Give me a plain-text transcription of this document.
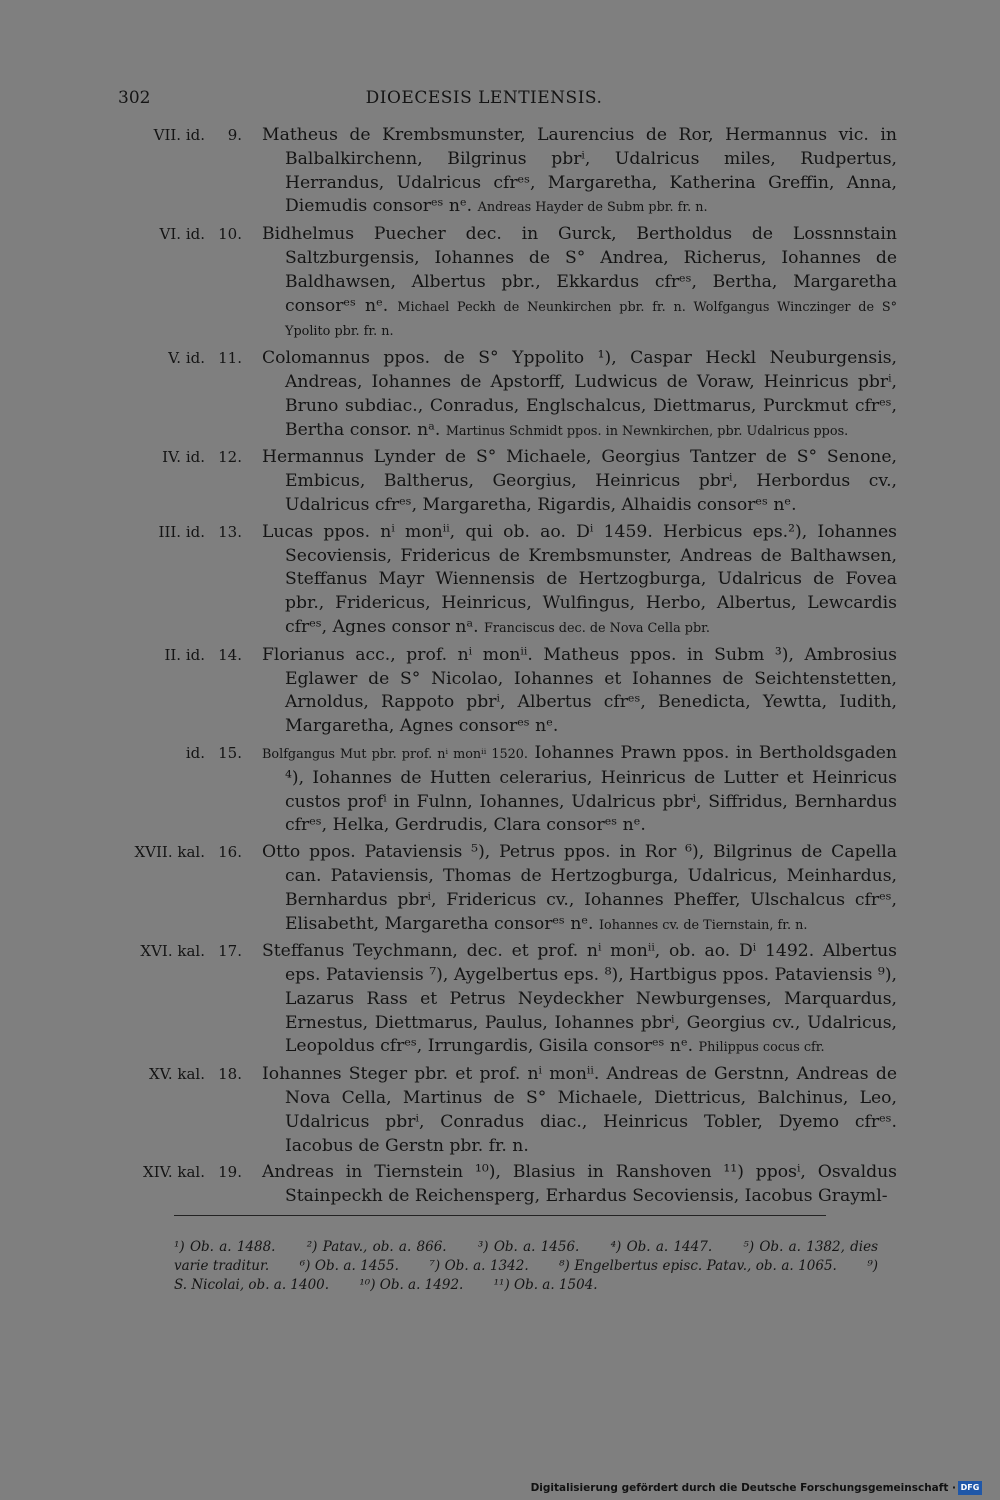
302	DIOECESIS LENTIENSIS.
VII. id.	9. Matheus de Krembsmunster, Laurencius de Ror, Hermannus vic. in Balbalkirchenn, Bilgrinus pbrⁱ, Udalricus miles, Rudpertus, Herrandus, Udalricus cfrᵉˢ, Margaretha, Katherina Greffin, Anna, Diemudis consorᵉˢ nᵉ. Andreas Hayder de Subm pbr. fr. n.
VI. id. 10. Bidhelmus Puecher dec. in Gurck, Bertholdus de Lossnnstain Saltzburgensis, Iohannes de S° Andrea, Richerus, Iohannes de Baldhawsen, Albertus pbr., Ekkardus cfrᵉˢ, Bertha, Margaretha consorᵉˢ nᵉ. Michael Peckh de Neunkirchen pbr. fr. n. Wolfgangus Winczinger de S° Ypolito pbr. fr. n.
V. id. 11. Colomannus ppos. de S° Yppolito ¹), Caspar Heckl Neuburgensis, Andreas, Iohannes de Apstorff, Ludwicus de Voraw, Heinricus pbrⁱ, Bruno subdiac., Conradus, Englschalcus, Diettmarus, Purckmut cfrᵉˢ, Bertha consor. nᵃ. Martinus Schmidt ppos. in Newnkirchen, pbr. Udalricus ppos.
IV. id. 12. Hermannus Lynder de S° Michaele, Georgius Tantzer de S° Senone, Embicus, Baltherus, Georgius, Heinricus pbrⁱ, Herbordus cv., Udalricus cfrᵉˢ, Margaretha, Rigardis, Alhaidis consorᵉˢ nᵉ.
III. id. 13. Lucas ppos. nⁱ monⁱⁱ, qui ob. ao. Dⁱ 1459. Herbicus eps.²), Iohannes Secoviensis, Fridericus de Krembsmunster, Andreas de Balthawsen, Steffanus Mayr Wiennensis de Hertzogburga, Udalricus de Fovea pbr., Fridericus, Heinricus, Wulfingus, Herbo, Albertus, Lewcardis cfrᵉˢ, Agnes consor nᵃ. Franciscus dec. de Nova Cella pbr.
II. id. 14. Florianus acc., prof. nⁱ monⁱⁱ. Matheus ppos. in Subm ³), Ambrosius Eglawer de S° Nicolao, Iohannes et Iohannes de Seichtenstetten, Arnoldus, Rappoto pbrⁱ, Albertus cfrᵉˢ, Benedicta, Yewtta, Iudith, Margaretha, Agnes consorᵉˢ nᵉ.
id. 15. Bolfgangus Mut pbr. prof. nⁱ monⁱⁱ 1520. Iohannes Prawn ppos. in Bertholdsgaden ⁴), Iohannes de Hutten celerarius, Heinricus de Lutter et Heinricus custos profⁱ in Fulnn, Iohannes, Udalricus pbrⁱ, Siffridus, Bernhardus cfrᵉˢ, Helka, Gerdrudis, Clara consorᵉˢ nᵉ.
XVII. kal. 16. Otto ppos. Pataviensis ⁵), Petrus ppos. in Ror ⁶), Bilgrinus de Capella can. Pataviensis, Thomas de Hertzogburga, Udalricus, Meinhardus, Bernhardus pbrⁱ, Fridericus cv., Iohannes Pheffer, Ulschalcus cfrᵉˢ, Elisabetht, Margaretha consorᵉˢ nᵉ. Iohannes cv. de Tiernstain, fr. n.
XVI. kal. 17. Steffanus Teychmann, dec. et prof. nⁱ monⁱⁱ, ob. ao. Dⁱ 1492. Albertus eps. Pataviensis ⁷), Aygelbertus eps. ⁸), Hartbigus ppos. Pataviensis ⁹), Lazarus Rass et Petrus Neydeckher Newburgenses, Marquardus, Ernestus, Diettmarus, Paulus, Iohannes pbrⁱ, Georgius cv., Udalricus, Leopoldus cfrᵉˢ, Irrungardis, Gisila consorᵉˢ nᵉ. Philippus cocus cfr.
XV. kal. 18. Iohannes Steger pbr. et prof. nⁱ monⁱⁱ. Andreas de Gerstnn, Andreas de Nova Cella, Martinus de S° Michaele, Diettricus, Balchinus, Leo, Udalricus pbrⁱ, Conradus diac., Heinricus Tobler, Dyemo cfrᵉˢ. Iacobus de Gerstn pbr. fr. n.
XIV. kal. 19. Andreas in Tiernstein ¹⁰), Blasius in Ranshoven ¹¹) pposⁱ, Osvaldus Stainpeckh de Reichensperg, Erhardus Secoviensis, Iacobus Grayml-
¹) Ob. a. 1488. ²) Patav., ob. a. 866. ³) Ob. a. 1456. ⁴) Ob. a. 1447. ⁵) Ob. a. 1382, dies varie traditur. ⁶) Ob. a. 1455. ⁷) Ob. a. 1342. ⁸) Engelbertus episc. Patav., ob. a. 1065. ⁹) S. Nicolai, ob. a. 1400. ¹⁰) Ob. a. 1492. ¹¹) Ob. a. 1504.
Digitalisierung gefördert durch die Deutsche Forschungsgemeinschaft · DFG
